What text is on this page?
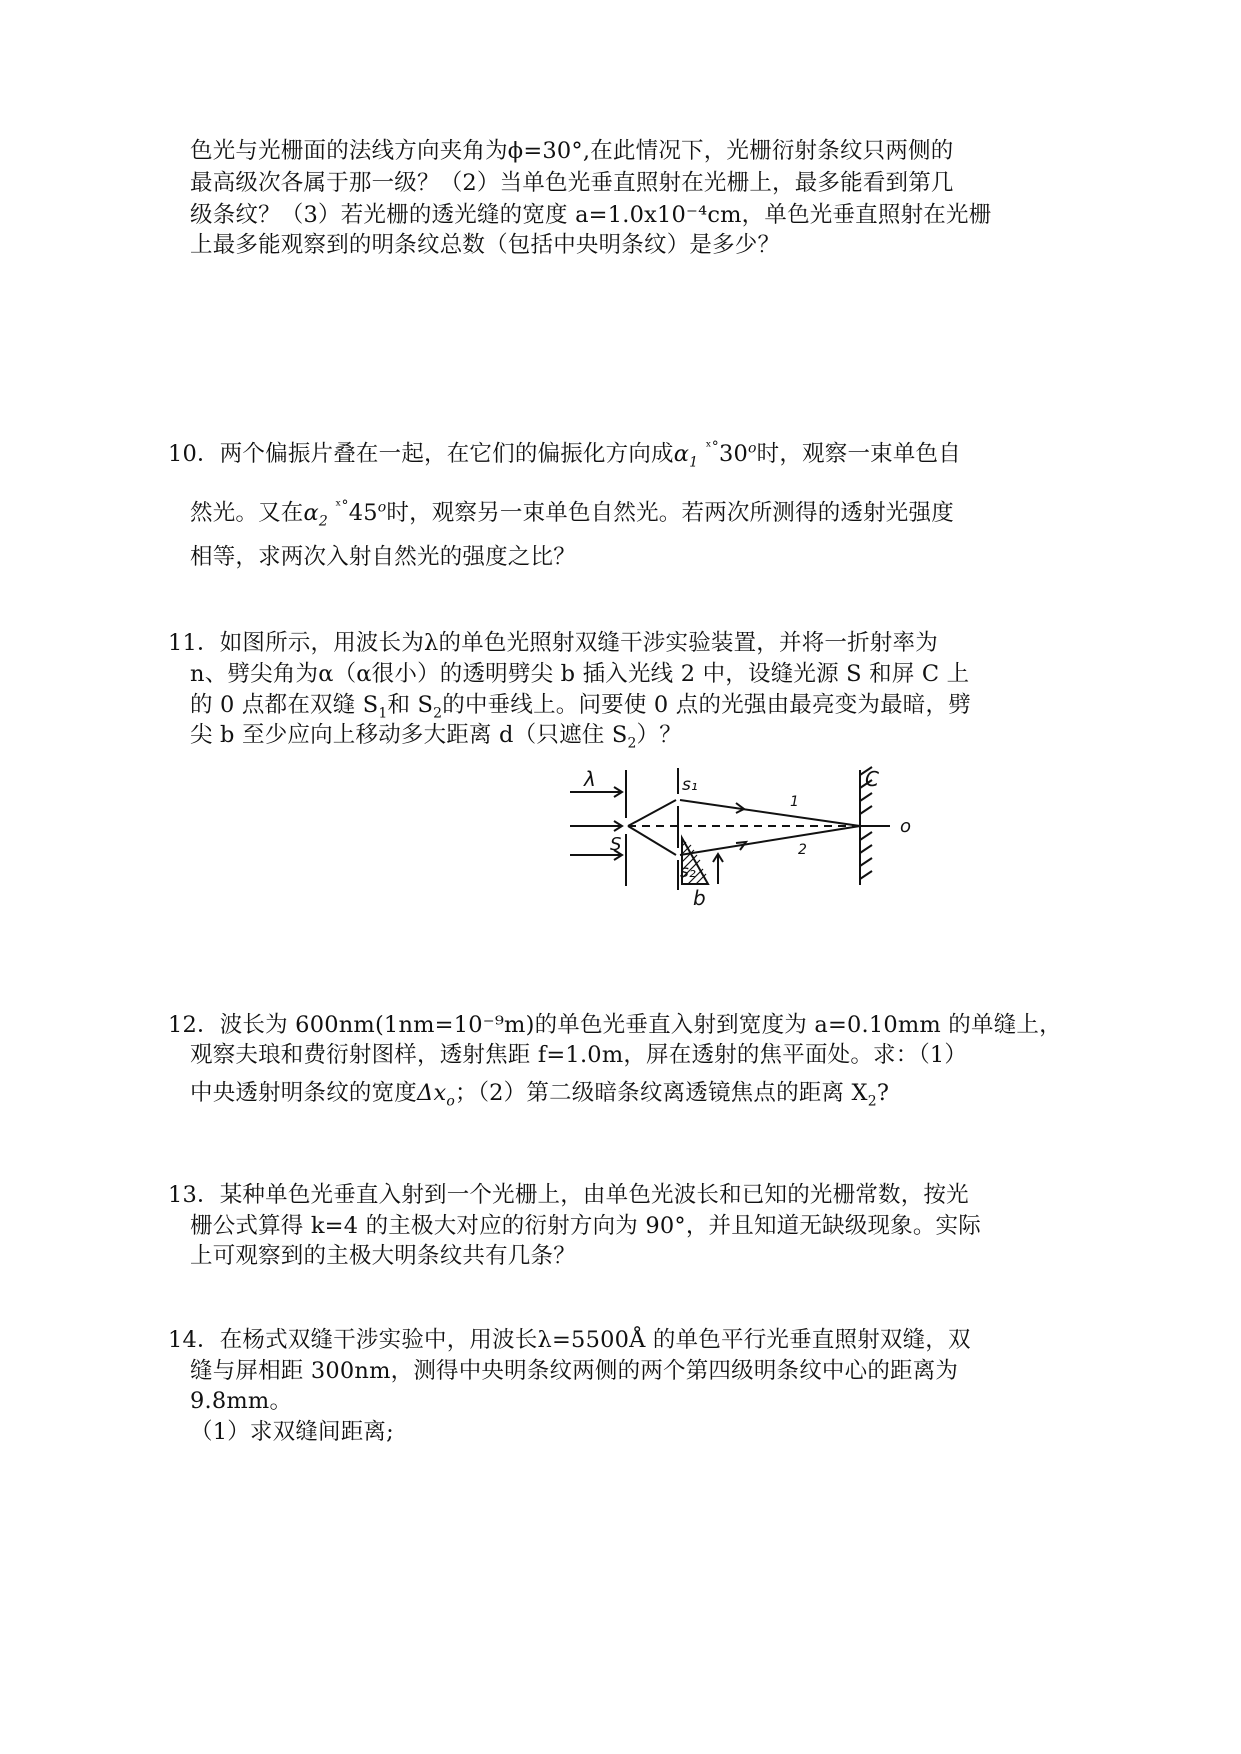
色光与光栅面的法线方向夹角为ϕ=30°,在此情况下，光栅衍射条纹只两侧的
最高级次各属于那一级？（2）当单色光垂直照射在光栅上，最多能看到第几
级条纹？（3）若光栅的透光缝的宽度 a=1.0x10⁻⁴cm，单色光垂直照射在光栅
上最多能观察到的明条纹总数（包括中央明条纹）是多少？
10．两个偏振片叠在一起，在它们的偏振化方向成$\alpha_1$ $^{ˣ^\circ}$30$^o$时，观察一束单色自
然光。又在$\alpha_2$ $^{ˣ^\circ}$45$^o$时，观察另一束单色自然光。若两次所测得的透射光强度
相等，求两次入射自然光的强度之比？
11．如图所示，用波长为λ的单色光照射双缝干涉实验装置，并将一折射率为
n、劈尖角为α（α很小）的透明劈尖 b 插入光线 2 中，设缝光源 S 和屏 C 上
的 0 点都在双缝 $S_1$和 $S_2$的中垂线上。问要使 0 点的光强由最亮变为最暗，劈
尖 b 至少应向上移动多大距离 d（只遮住 $S_2$）？
λ	s₁
s₂
S
C
o
1
2
b
12．波长为 600nm(1nm=10⁻⁹m)的单色光垂直入射到宽度为 a=0.10mm 的单缝上，
观察夫琅和费衍射图样，透射焦距 f=1.0m，屏在透射的焦平面处。求：（1）
中央透射明条纹的宽度$\Delta x_o$；（2）第二级暗条纹离透镜焦点的距离 $X_2$?
13．某种单色光垂直入射到一个光栅上，由单色光波长和已知的光栅常数，按光
栅公式算得 k=4 的主极大对应的衍射方向为 90°，并且知道无缺级现象。实际
上可观察到的主极大明条纹共有几条？
14．在杨式双缝干涉实验中，用波长λ=5500Å 的单色平行光垂直照射双缝，双
缝与屏相距 300nm，测得中央明条纹两侧的两个第四级明条纹中心的距离为
9.8mm。
（1）求双缝间距离;
